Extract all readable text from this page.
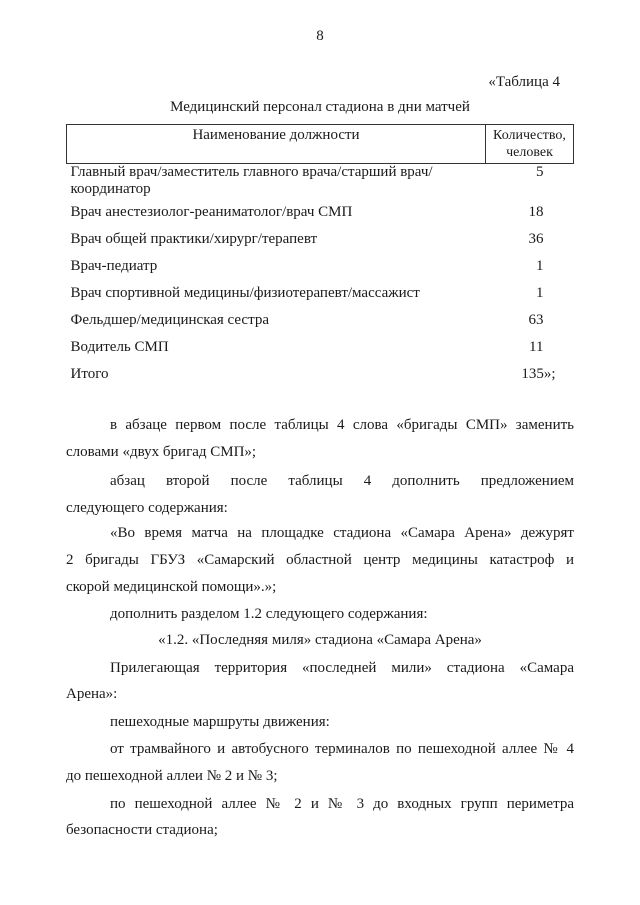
8
«Таблица 4
Медицинский персонал стадиона в дни матчей
Наименование должности	Количество, человек
Главный врач/заместитель главного врача/старший врач/координатор	5
Врач анестезиолог-реаниматолог/врач СМП	18
Врач общей практики/хирург/терапевт	36
Врач-педиатр	1
Врач спортивной медицины/физиотерапевт/массажист	1
Фельдшер/медицинская сестра	63
Водитель СМП	11
Итого	135»;
в абзаце первом после таблицы 4 слова «бригады СМП» заменить
словами «двух бригад СМП»;
абзац второй после таблицы 4 дополнить предложением
следующего содержания:
«Во время матча на площадке стадиона «Самара Арена» дежурят
2 бригады ГБУЗ «Самарский областной центр медицины катастроф и
скорой медицинской помощи».»;
дополнить разделом 1.2 следующего содержания:
«1.2. «Последняя миля» стадиона «Самара Арена»
Прилегающая территория «последней мили» стадиона «Самара
Арена»:
пешеходные маршруты движения:
от трамвайного и автобусного терминалов по пешеходной аллее № 4
до пешеходной аллеи № 2 и № 3;
по пешеходной аллее № 2 и № 3 до входных групп периметра
безопасности стадиона;
